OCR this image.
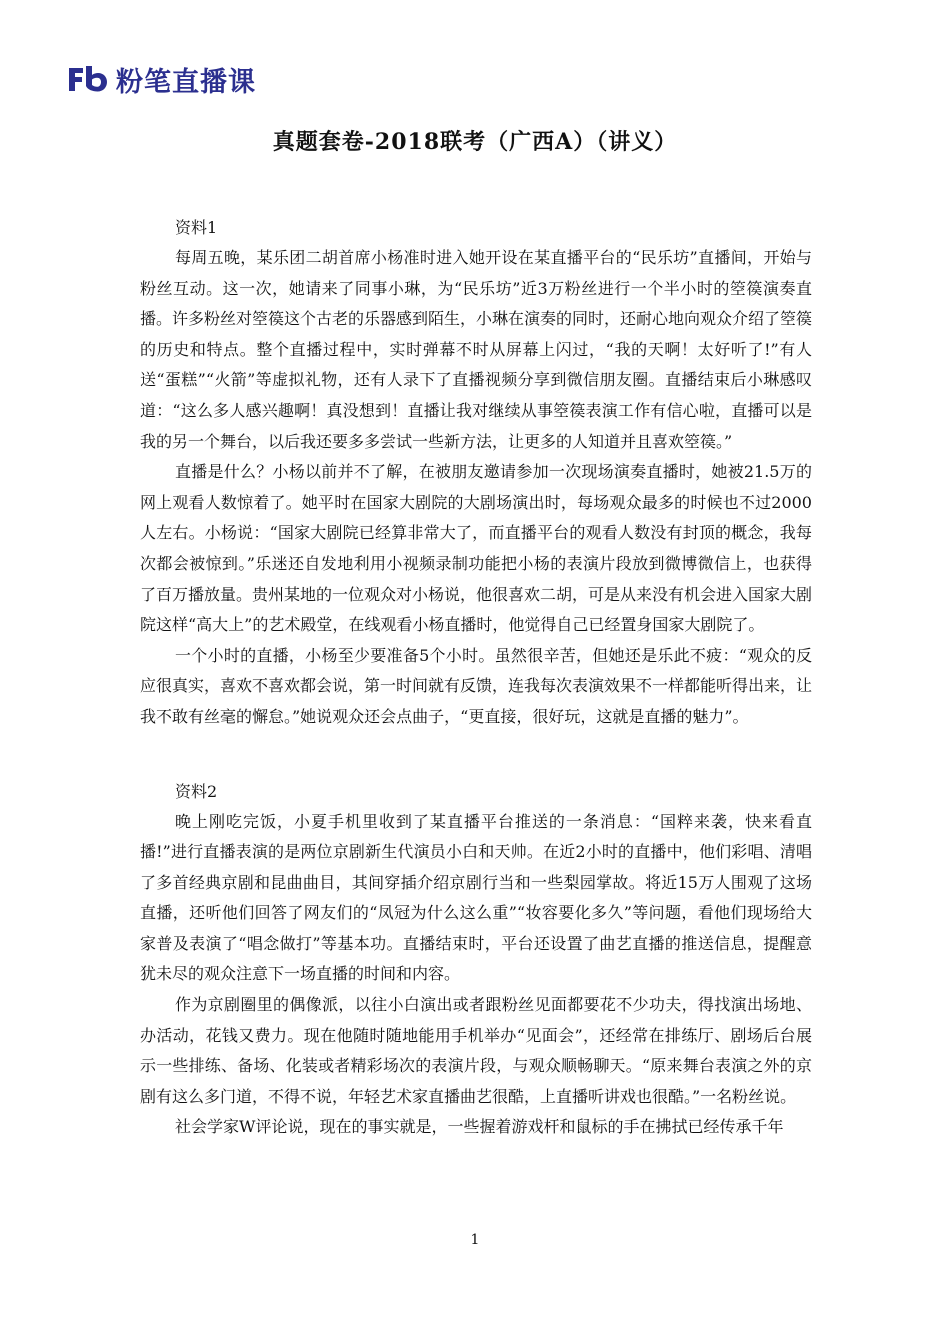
粉笔直播课
真题套卷-2018联考（广西A）（讲义）

资料1

每周五晚，某乐团二胡首席小杨准时进入她开设在某直播平台的“民乐坊”直播间，开始与粉丝互动。这一次，她请来了同事小琳，为“民乐坊”近3万粉丝进行一个半小时的箜篌演奏直播。许多粉丝对箜篌这个古老的乐器感到陌生，小琳在演奏的同时，还耐心地向观众介绍了箜篌的历史和特点。整个直播过程中，实时弹幕不时从屏幕上闪过，“我的天啊！太好听了!”有人送“蛋糕”“火箭”等虚拟礼物，还有人录下了直播视频分享到微信朋友圈。直播结束后小琳感叹道：“这么多人感兴趣啊！真没想到！直播让我对继续从事箜篌表演工作有信心啦，直播可以是我的另一个舞台，以后我还要多多尝试一些新方法，让更多的人知道并且喜欢箜篌。”

直播是什么？小杨以前并不了解，在被朋友邀请参加一次现场演奏直播时，她被21.5万的网上观看人数惊着了。她平时在国家大剧院的大剧场演出时，每场观众最多的时候也不过2000人左右。小杨说：“国家大剧院已经算非常大了，而直播平台的观看人数没有封顶的概念，我每次都会被惊到。”乐迷还自发地利用小视频录制功能把小杨的表演片段放到微博微信上，也获得了百万播放量。贵州某地的一位观众对小杨说，他很喜欢二胡，可是从来没有机会进入国家大剧院这样“高大上”的艺术殿堂，在线观看小杨直播时，他觉得自己已经置身国家大剧院了。

一个小时的直播，小杨至少要准备5个小时。虽然很辛苦，但她还是乐此不疲：“观众的反应很真实，喜欢不喜欢都会说，第一时间就有反馈，连我每次表演效果不一样都能听得出来，让我不敢有丝毫的懈怠。”她说观众还会点曲子，“更直接，很好玩，这就是直播的魅力”。

资料2

晚上刚吃完饭，小夏手机里收到了某直播平台推送的一条消息：“国粹来袭，快来看直播!”进行直播表演的是两位京剧新生代演员小白和天帅。在近2小时的直播中，他们彩唱、清唱了多首经典京剧和昆曲曲目，其间穿插介绍京剧行当和一些梨园掌故。将近15万人围观了这场直播，还听他们回答了网友们的“凤冠为什么这么重”“妆容要化多久”等问题，看他们现场给大家普及表演了“唱念做打”等基本功。直播结束时，平台还设置了曲艺直播的推送信息，提醒意犹未尽的观众注意下一场直播的时间和内容。

作为京剧圈里的偶像派，以往小白演出或者跟粉丝见面都要花不少功夫，得找演出场地、办活动，花钱又费力。现在他随时随地能用手机举办“见面会”，还经常在排练厅、剧场后台展示一些排练、备场、化装或者精彩场次的表演片段，与观众顺畅聊天。“原来舞台表演之外的京剧有这么多门道，不得不说，年轻艺术家直播曲艺很酷，上直播听讲戏也很酷。”一名粉丝说。

社会学家W评论说，现在的事实就是，一些握着游戏杆和鼠标的手在拂拭已经传承千年

1
